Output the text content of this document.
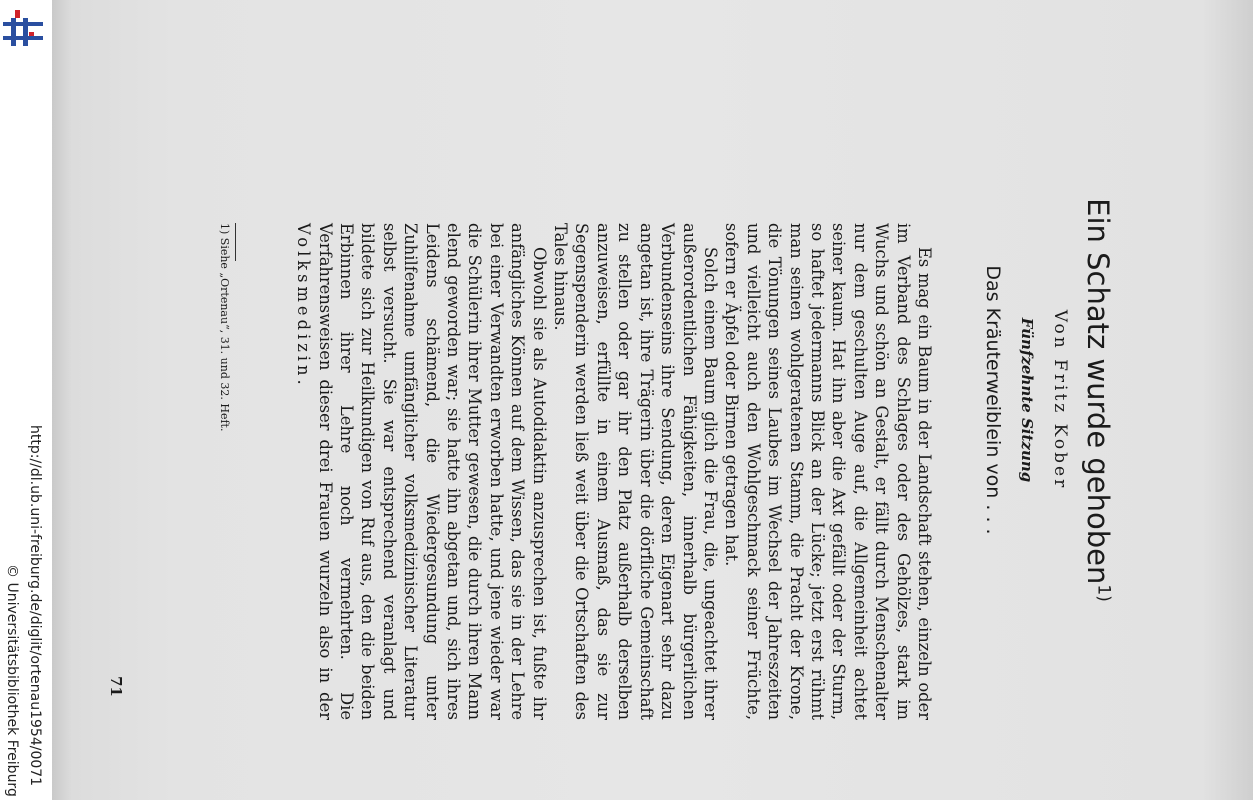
http://dl.ub.uni-freiburg.de/diglit/ortenau1954/0071
© Universitätsbibliothek Freiburg
Ein Schatz wurde gehoben$^{1)}$
Von Fritz Kober
Fünfzehnte Sitzung
Das Kräuterweiblein von . . .

Es mag ein Baum in der Landschaft stehen, einzeln oder im Verband des Schlages oder des Gehölzes, stark im Wuchs und schön an Gestalt, er fällt durch Menschenalter nur dem geschulten Auge auf, die Allgemeinheit achtet seiner kaum. Hat ihn aber die Axt gefällt oder der Sturm, so haftet jedermanns Blick an der Lücke; jetzt erst rühmt man seinen wohlgeratenen Stamm, die Pracht der Krone, die Tönungen seines Laubes im Wechsel der Jahreszeiten und vielleicht auch den Wohlgeschmack seiner Früchte, sofern er Äpfel oder Birnen getragen hat.

Solch einem Baum glich die Frau, die, ungeachtet ihrer außerordentlichen Fähigkeiten, innerhalb bürgerlichen Verbundenseins ihre Sendung, deren Eigenart sehr dazu angetan ist, ihre Trägerin über die dörfliche Gemeinschaft zu stellen oder gar ihr den Platz außerhalb derselben anzuweisen, erfüllte in einem Ausmaß, das sie zur Segenspenderin werden ließ weit über die Ortschaften des Tales hinaus.

Obwohl sie als Autodidaktin anzusprechen ist, fußte ihr anfängliches Können auf dem Wissen, das sie in der Lehre bei einer Verwandten erworben hatte, und jene wieder war die Schülerin ihrer Mutter gewesen, die durch ihren Mann elend geworden war; sie hatte ihn abgetan und, sich ihres Leidens schämend, die Wiedergesundung unter Zuhilfenahme umfänglicher volksmedizinischer Literatur selbst versucht. Sie war entsprechend veranlagt und bildete sich zur Heilkundigen von Ruf aus, den die beiden Erbinnen ihrer Lehre noch vermehrten. Die Verfahrensweisen dieser drei Frauen wurzeln also in der Volksmedizin.

1) Siehe „Ortenau“, 31. und 32. Heft.
71
